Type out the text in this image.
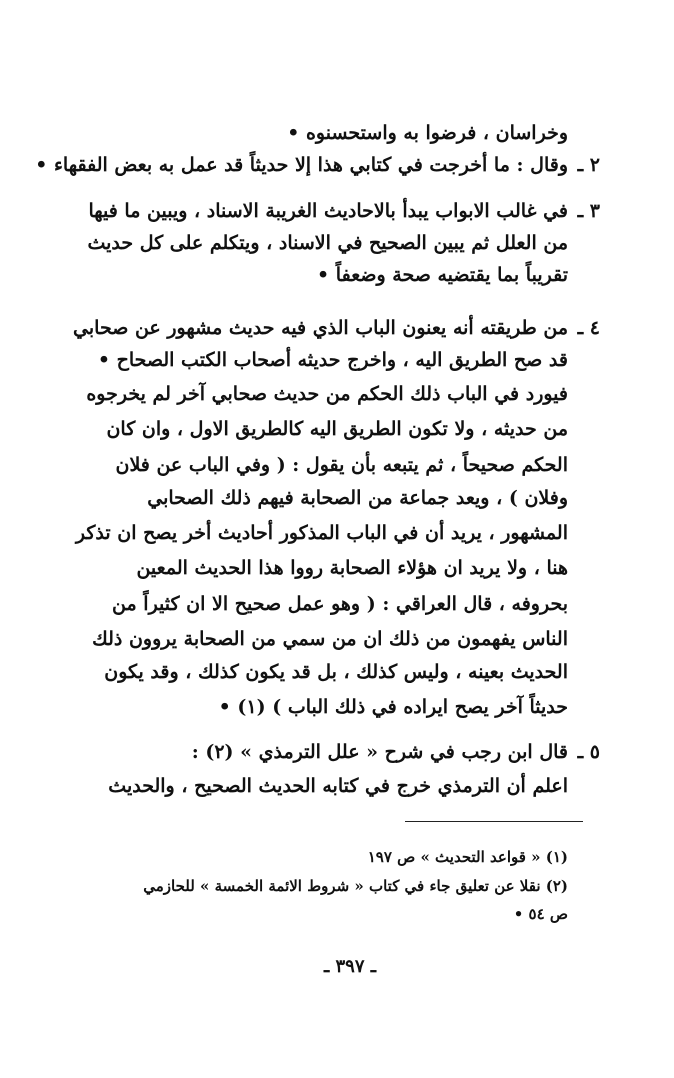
وخراسان ، فرضوا به واستحسنوه •
٢ ـ
وقال : ما أخرجت في كتابي هذا إلا حديثاً قد عمل به بعض الفقهاء •
٣ ـ
في غالب الابواب يبدأ بالاحاديث الغريبة الاسناد ، ويبين ما فيها
من العلل ثم يبين الصحيح في الاسناد ، ويتكلم على كل حديث
تقريباً بما يقتضيه صحة وضعفاً •
٤ ـ
من طريقته أنه يعنون الباب الذي فيه حديث مشهور عن صحابي
قد صح الطريق اليه ، واخرج حديثه أصحاب الكتب الصحاح •
فيورد في الباب ذلك الحكم من حديث صحابي آخر لم يخرجوه
من حديثه ، ولا تكون الطريق اليه كالطريق الاول ، وان كان
الحكم صحيحاً ، ثم يتبعه بأن يقول : ( وفي الباب عن فلان
وفلان ) ، ويعد جماعة من الصحابة فيهم ذلك الصحابي
المشهور ، يريد أن في الباب المذكور أحاديث أخر يصح ان تذكر
هنا ، ولا يريد ان هؤلاء الصحابة رووا هذا الحديث المعين
بحروفه ، قال العراقي : ( وهو عمل صحيح الا ان كثيراً من
الناس يفهمون من ذلك ان من سمي من الصحابة يروون ذلك
الحديث بعينه ، وليس كذلك ، بل قد يكون كذلك ، وقد يكون
حديثاً آخر يصح ايراده في ذلك الباب ) (١) •
٥ ـ
قال ابن رجب في شرح « علل الترمذي » (٢) :
اعلم أن الترمذي خرج في كتابه الحديث الصحيح ، والحديث
(١) « قواعد التحديث » ص ١٩٧
(٢) نقلا عن تعليق جاء في كتاب « شروط الائمة الخمسة » للحازمي
ص ٥٤ •
ـ ٣٩٧ ـ
